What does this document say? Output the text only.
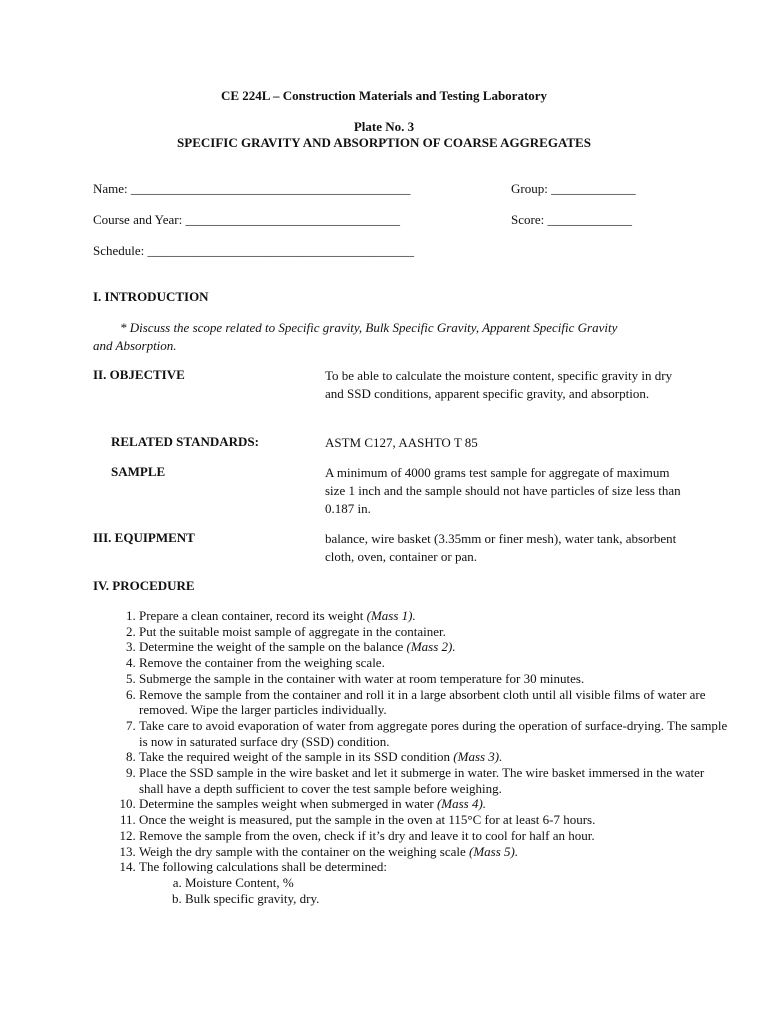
CE 224L – Construction Materials and Testing Laboratory
Plate No. 3
SPECIFIC GRAVITY AND ABSORPTION OF COARSE AGGREGATES
Name: ___________________________________________	Group: _____________
Course and Year: _________________________________	Score: _____________
Schedule: _________________________________________
I. INTRODUCTION
* Discuss the scope related to Specific gravity, Bulk Specific Gravity, Apparent Specific Gravity
and Absorption.
II. OBJECTIVE	To be able to calculate the moisture content, specific gravity in dry and SSD conditions, apparent specific gravity, and absorption.
RELATED STANDARDS:	ASTM C127, AASHTO T 85
SAMPLE	A minimum of 4000 grams test sample for aggregate of maximum size 1 inch and the sample should not have particles of size less than 0.187 in.
III. EQUIPMENT	balance, wire basket (3.35mm or finer mesh), water tank, absorbent cloth, oven, container or pan.
IV. PROCEDURE
1. Prepare a clean container, record its weight (Mass 1).
2. Put the suitable moist sample of aggregate in the container.
3. Determine the weight of the sample on the balance (Mass 2).
4. Remove the container from the weighing scale.
5. Submerge the sample in the container with water at room temperature for 30 minutes.
6. Remove the sample from the container and roll it in a large absorbent cloth until all visible films of water are removed. Wipe the larger particles individually.
7. Take care to avoid evaporation of water from aggregate pores during the operation of surface-drying. The sample is now in saturated surface dry (SSD) condition.
8. Take the required weight of the sample in its SSD condition (Mass 3).
9. Place the SSD sample in the wire basket and let it submerge in water. The wire basket immersed in the water shall have a depth sufficient to cover the test sample before weighing.
10. Determine the samples weight when submerged in water (Mass 4).
11. Once the weight is measured, put the sample in the oven at 115°C for at least 6-7 hours.
12. Remove the sample from the oven, check if it’s dry and leave it to cool for half an hour.
13. Weigh the dry sample with the container on the weighing scale (Mass 5).
14. The following calculations shall be determined:
a. Moisture Content, %
b. Bulk specific gravity, dry.
